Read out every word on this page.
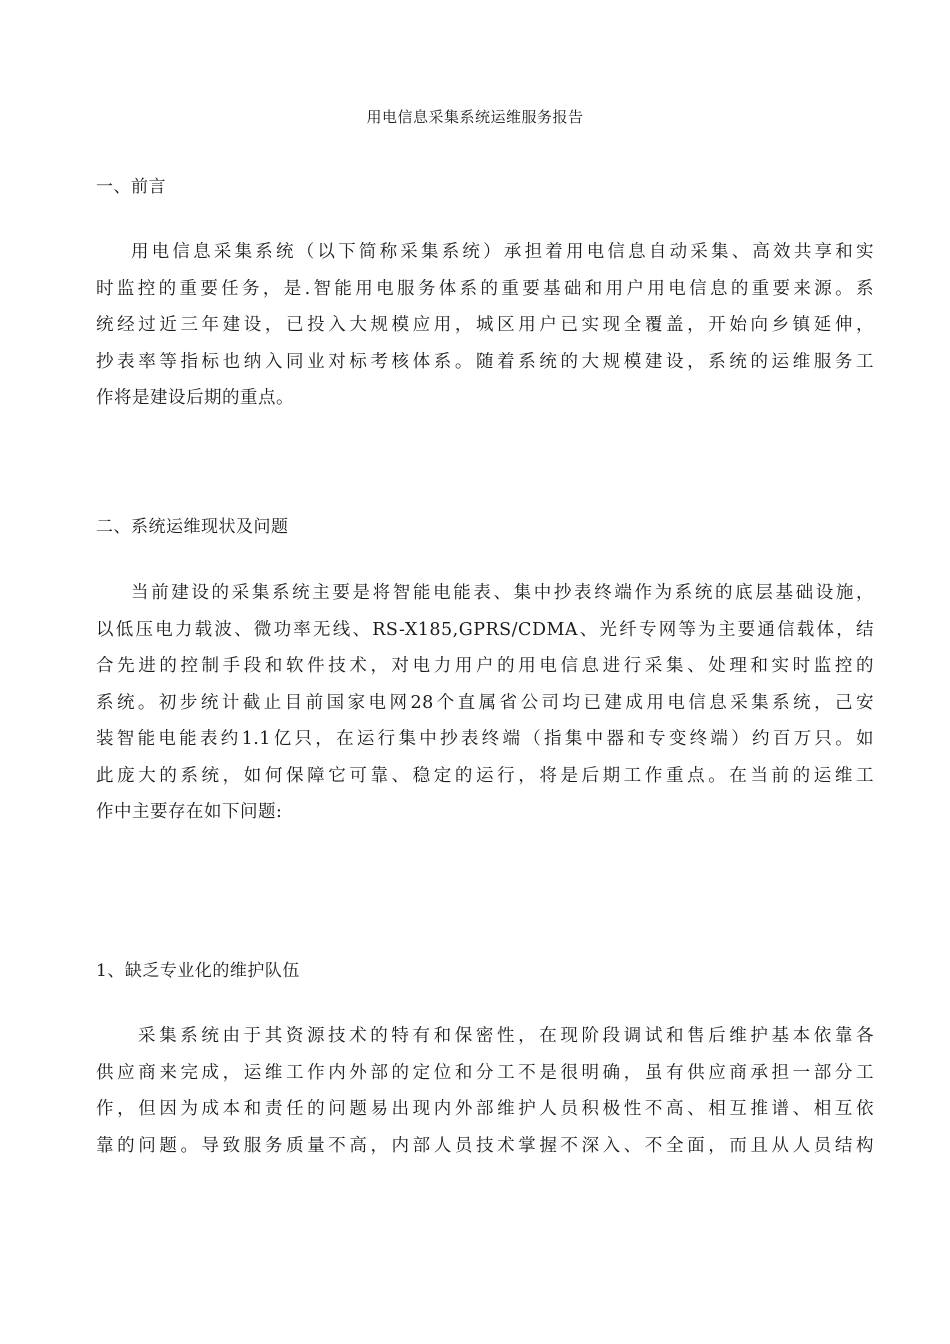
用电信息采集系统运维服务报告
一、前言
用电信息采集系统（以下简称采集系统）承担着用电信息自动采集、高效共享和实
时监控的重要任务，是.智能用电服务体系的重要基础和用户用电信息的重要来源。系
统经过近三年建设，已投入大规模应用，城区用户已实现全覆盖，开始向乡镇延伸，
抄表率等指标也纳入同业对标考核体系。随着系统的大规模建设，系统的运维服务工
作将是建设后期的重点。
二、系统运维现状及问题
当前建设的采集系统主要是将智能电能表、集中抄表终端作为系统的底层基础设施，
以低压电力载波、微功率无线、RS-X185,GPRS/CDMA、光纤专网等为主要通信载体，结
合先进的控制手段和软件技术，对电力用户的用电信息进行采集、处理和实时监控的
系统。初步统计截止目前国家电网28个直属省公司均已建成用电信息采集系统，己安
装智能电能表约1.1亿只，在运行集中抄表终端（指集中器和专变终端）约百万只。如
此庞大的系统，如何保障它可靠、稳定的运行，将是后期工作重点。在当前的运维工
作中主要存在如下问题:
1、缺乏专业化的维护队伍
采集系统由于其资源技术的特有和保密性，在现阶段调试和售后维护基本依靠各
供应商来完成，运维工作内外部的定位和分工不是很明确，虽有供应商承担一部分工
作，但因为成本和责任的问题易出现内外部维护人员积极性不高、相互推谱、相互依
靠的问题。导致服务质量不高，内部人员技术掌握不深入、不全面，而且从人员结构
